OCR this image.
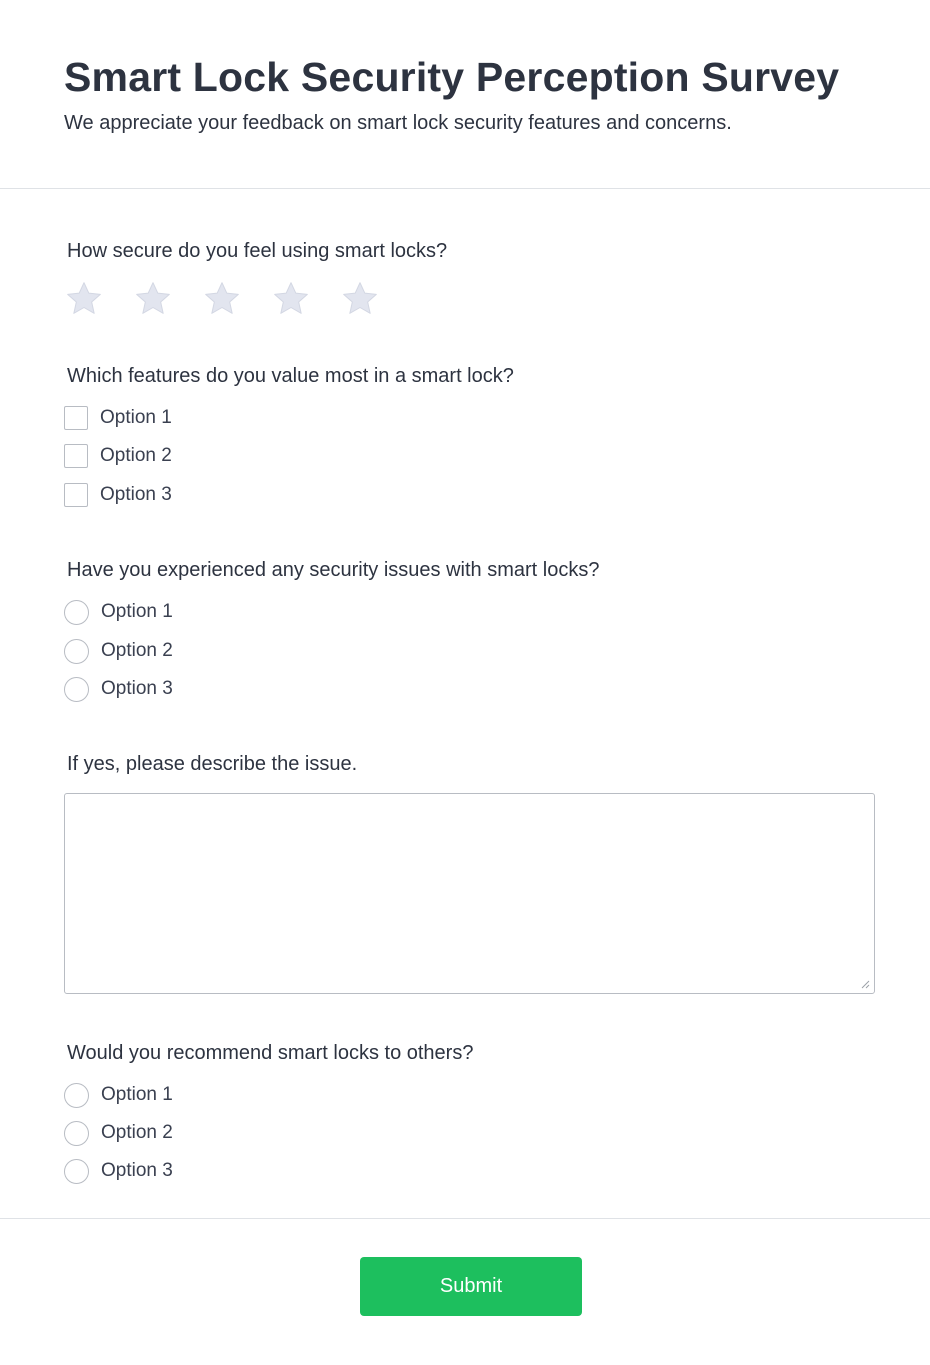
Smart Lock Security Perception Survey

We appreciate your feedback on smart lock security features and concerns.

How secure do you feel using smart locks?
Which features do you value most in a smart lock?
Option 1
Option 2
Option 3
Have you experienced any security issues with smart locks?
Option 1
Option 2
Option 3
If yes, please describe the issue.
Would you recommend smart locks to others?
Option 1
Option 2
Option 3
Submit
